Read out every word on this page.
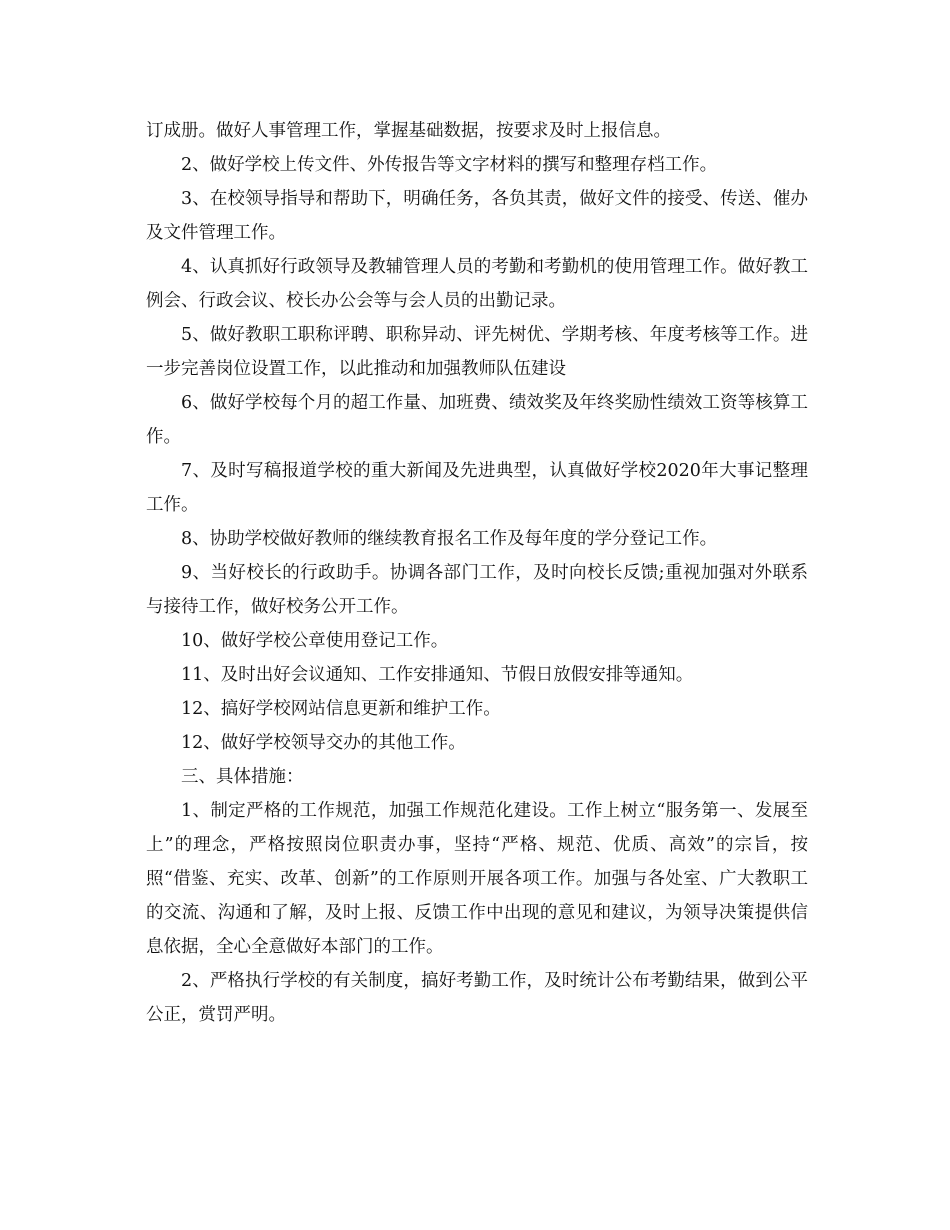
订成册。做好人事管理工作，掌握基础数据，按要求及时上报信息。

2、做好学校上传文件、外传报告等文字材料的撰写和整理存档工作。

3、在校领导指导和帮助下，明确任务，各负其责，做好文件的接受、传送、催办及文件管理工作。

4、认真抓好行政领导及教辅管理人员的考勤和考勤机的使用管理工作。做好教工例会、行政会议、校长办公会等与会人员的出勤记录。

5、做好教职工职称评聘、职称异动、评先树优、学期考核、年度考核等工作。进一步完善岗位设置工作，以此推动和加强教师队伍建设

6、做好学校每个月的超工作量、加班费、绩效奖及年终奖励性绩效工资等核算工作。

7、及时写稿报道学校的重大新闻及先进典型，认真做好学校2020年大事记整理工作。

8、协助学校做好教师的继续教育报名工作及每年度的学分登记工作。

9、当好校长的行政助手。协调各部门工作，及时向校长反馈;重视加强对外联系与接待工作，做好校务公开工作。

10、做好学校公章使用登记工作。

11、及时出好会议通知、工作安排通知、节假日放假安排等通知。

12、搞好学校网站信息更新和维护工作。

12、做好学校领导交办的其他工作。

三、具体措施：

1、制定严格的工作规范，加强工作规范化建设。工作上树立“服务第一、发展至上”的理念，严格按照岗位职责办事，坚持“严格、规范、优质、高效”的宗旨，按照“借鉴、充实、改革、创新”的工作原则开展各项工作。加强与各处室、广大教职工的交流、沟通和了解，及时上报、反馈工作中出现的意见和建议，为领导决策提供信息依据，全心全意做好本部门的工作。

2、严格执行学校的有关制度，搞好考勤工作，及时统计公布考勤结果，做到公平公正，赏罚严明。
